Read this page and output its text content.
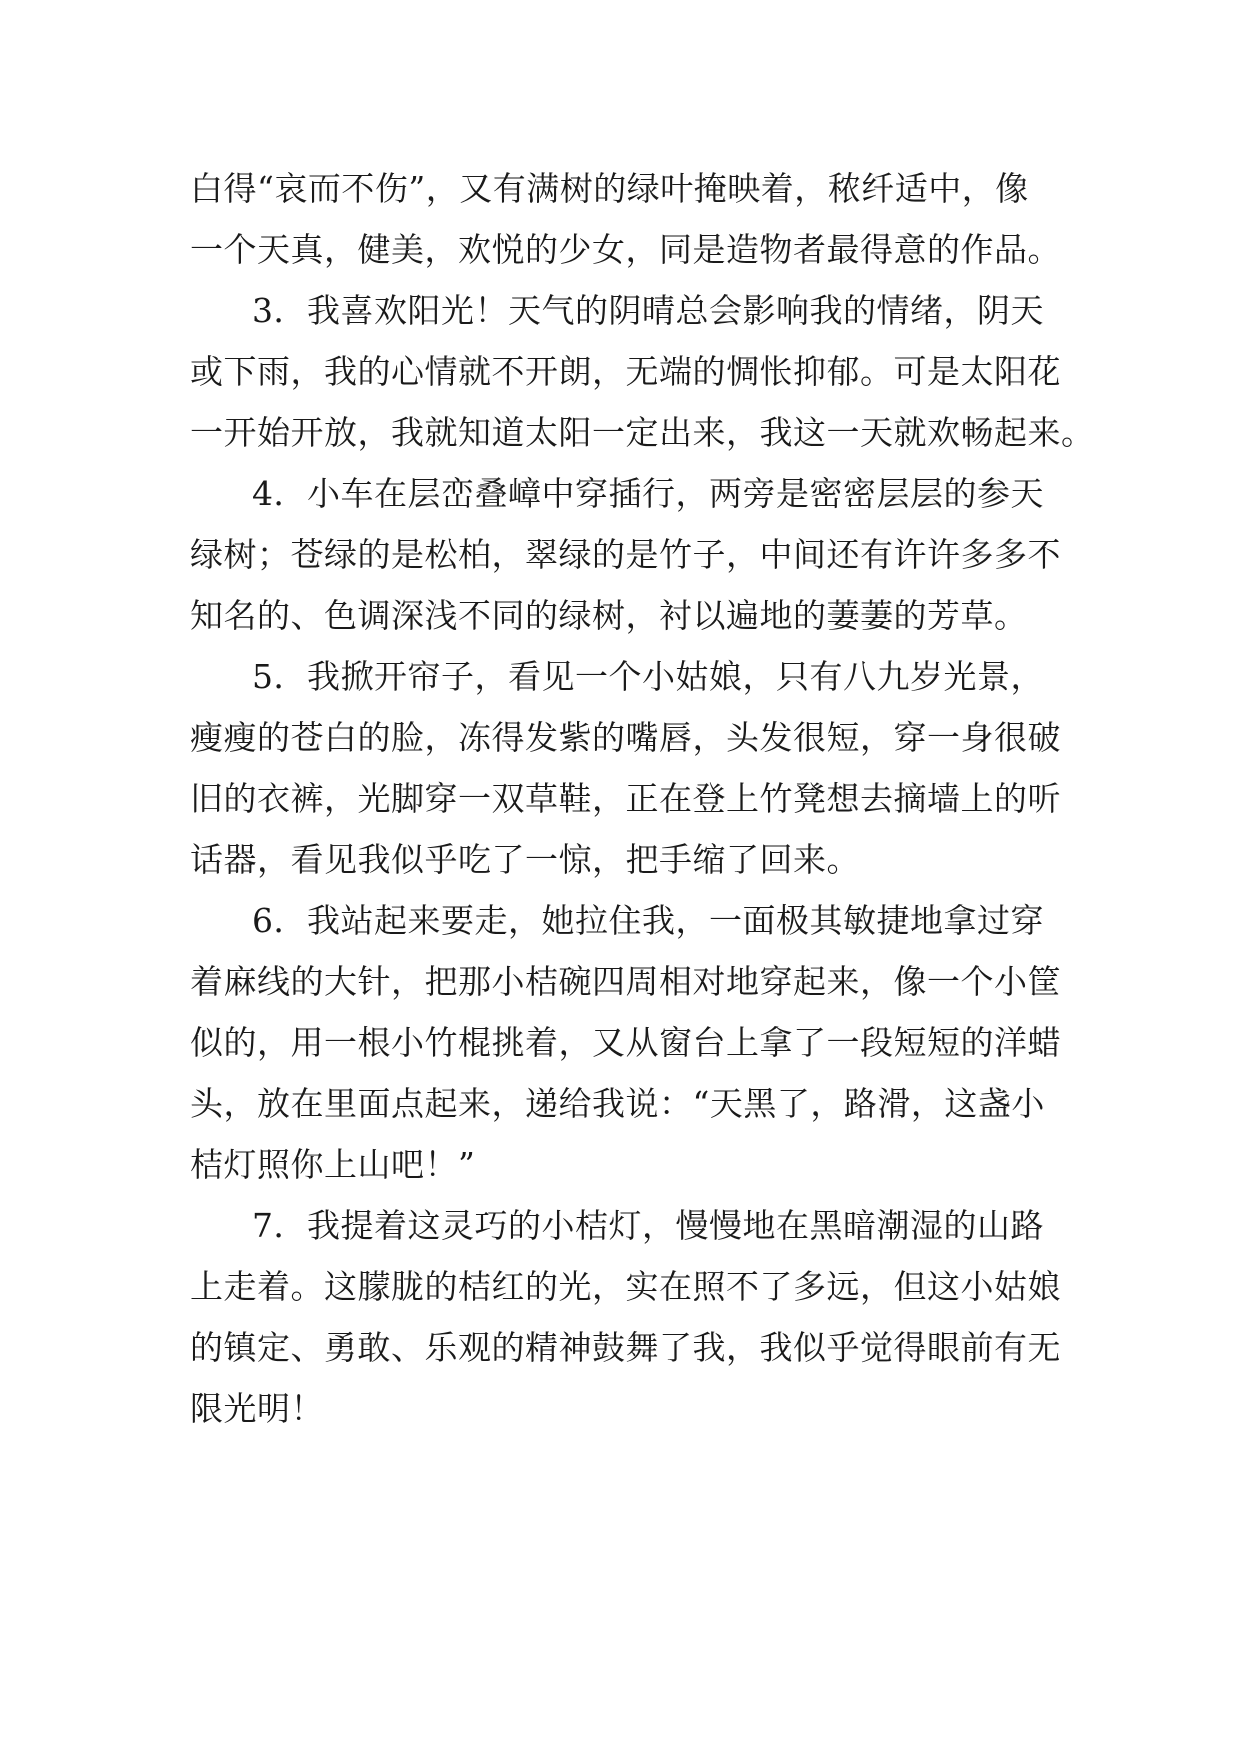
白得“哀而不伤”，又有满树的绿叶掩映着，秾纤适中，像
一个天真，健美，欢悦的少女，同是造物者最得意的作品。
3．我喜欢阳光！天气的阴晴总会影响我的情绪，阴天
或下雨，我的心情就不开朗，无端的惆怅抑郁。可是太阳花
一开始开放，我就知道太阳一定出来，我这一天就欢畅起来。
4．小车在层峦叠嶂中穿插行，两旁是密密层层的参天
绿树；苍绿的是松柏，翠绿的是竹子，中间还有许许多多不
知名的、色调深浅不同的绿树，衬以遍地的萋萋的芳草。
5．我掀开帘子，看见一个小姑娘，只有八九岁光景，
瘦瘦的苍白的脸，冻得发紫的嘴唇，头发很短，穿一身很破
旧的衣裤，光脚穿一双草鞋，正在登上竹凳想去摘墙上的听
话器，看见我似乎吃了一惊，把手缩了回来。
6．我站起来要走，她拉住我，一面极其敏捷地拿过穿
着麻线的大针，把那小桔碗四周相对地穿起来，像一个小筐
似的，用一根小竹棍挑着，又从窗台上拿了一段短短的洋蜡
头，放在里面点起来，递给我说：“天黑了，路滑，这盏小
桔灯照你上山吧！”
7．我提着这灵巧的小桔灯，慢慢地在黑暗潮湿的山路
上走着。这朦胧的桔红的光，实在照不了多远，但这小姑娘
的镇定、勇敢、乐观的精神鼓舞了我，我似乎觉得眼前有无
限光明！
